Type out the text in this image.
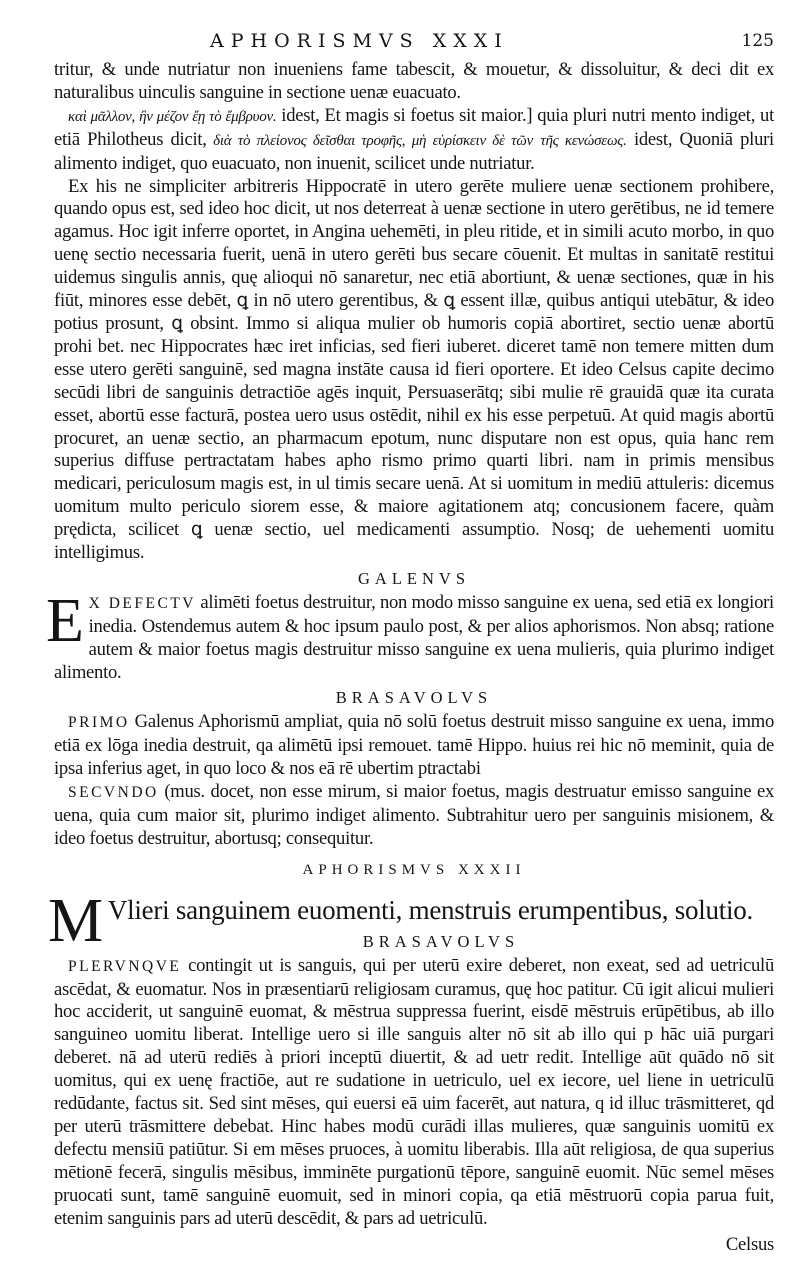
APHORISMVS XXXI	125

tritur, & unde nutriatur non inueniens fame tabescit, & mouetur, & dissoluitur, & deci dit ex naturalibus uinculis sanguine in sectione uenæ euacuato.

καὶ μᾶλλον, ἢν μέζον ἔῃ τὸ ἔμβρυον. idest, Et magis si foetus sit maior.] quia pluri nutri mento indiget, ut etiā Philotheus dicit, διὰ τὸ πλείονος δεῖσθαι τροφῆς, μὴ εὑρίσκειν δὲ τῶν τῆς κενώσεως. idest, Quoniā pluri alimento indiget, quo euacuato, non inuenit, scilicet unde nutriatur.

Ex his ne simpliciter arbitreris Hippocratē in utero gerēte muliere uenæ sectionem prohibere, quando opus est, sed ideo hoc dicit, ut nos deterreat à uenæ sectione in utero gerētibus, ne id temere agamus. Hoc igit inferre oportet, in Angina uehemēti, in pleu ritide, et in simili acuto morbo, in quo uenę sectio necessaria fuerit, uenā in utero gerēti bus secare cōuenit. Et multas in sanitatē restitui uidemus singulis annis, quę alioqui nō sanaretur, nec etiā abortiunt, & uenæ sectiones, quæ in his fiūt, minores esse debēt, ꝗ in nō utero gerentibus, & ꝗ essent illæ, quibus antiqui utebātur, & ideo potius prosunt, ꝗ obsint. Immo si aliqua mulier ob humoris copiā abortiret, sectio uenæ abortū prohi bet. nec Hippocrates hæc iret inficias, sed fieri iuberet. diceret tamē non temere mitten dum esse utero gerēti sanguinē, sed magna instāte causa id fieri oportere. Et ideo Celsus capite decimo secūdi libri de sanguinis detractiōe agēs inquit, Persuaserātq; sibi mulie rē grauidā quæ ita curata esset, abortū esse facturā, postea uero usus ostēdit, nihil ex his esse perpetuū. At quid magis abortū procuret, an uenæ sectio, an pharmacum epotum, nunc disputare non est opus, quia hanc rem superius diffuse pertractatam habes apho rismo primo quarti libri. nam in primis mensibus medicari, periculosum magis est, in ul timis secare uenā. At si uomitum in mediū attuleris: dicemus uomitum multo periculo siorem esse, & maiore agitationem atq; concusionem facere, quàm prędicta, scilicet ꝗ uenæ sectio, uel medicamenti assumptio. Nosq; de uehementi uomitu intelligimus.

GALENVS

E X DEFECTV alimēti foetus destruitur, non modo misso sanguine ex uena, sed etiā ex longiori inedia. Ostendemus autem & hoc ipsum paulo post, & per alios aphorismos. Non absq; ratione autem & maior foetus magis destruitur misso sanguine ex uena mulieris, quia plurimo indiget alimento.

BRASAVOLVS

PRIMO Galenus Aphorismū ampliat, quia nō solū foetus destruit misso sanguine ex uena, immo etiā ex lōga inedia destruit, qa alimētū ipsi remouet. tamē Hippo. huius rei hic nō meminit, quia de ipsa inferius aget, in quo loco & nos eā rē ubertim ptractabi

SECVNDO (mus. docet, non esse mirum, si maior foetus, magis destruatur emisso sanguine ex uena, quia cum maior sit, plurimo indiget alimento. Subtrahitur uero per sanguinis misionem, & ideo foetus destruitur, abortusq; consequitur.

APHORISMVS XXXII

M Vlieri sanguinem euomenti, menstruis erumpentibus, solutio.

BRASAVOLVS

PLERVNQVE contingit ut is sanguis, qui per uterū exire deberet, non exeat, sed ad uetriculū ascēdat, & euomatur. Nos in præsentiarū religiosam curamus, quę hoc patitur. Cū igit alicui mulieri hoc acciderit, ut sanguinē euomat, & mēstrua suppressa fuerint, eisdē mēstruis erūpētibus, ab illo sanguineo uomitu liberat. Intellige uero si ille sanguis alter nō sit ab illo qui p hāc uiā purgari deberet. nā ad uterū rediēs à priori inceptū diuertit, & ad uetr redit. Intellige aūt quādo nō sit uomitus, qui ex uenę fractiōe, aut re sudatione in uetriculo, uel ex iecore, uel liene in uetriculū redūdante, factus sit. Sed sint mēses, qui euersi eā uim facerēt, aut natura, q id illuc trāsmitteret, qd per uterū trāsmittere debebat. Hinc habes modū curādi illas mulieres, quæ sanguinis uomitū ex defectu mensiū patiūtur. Si em mēses pruoces, à uomitu liberabis. Illa aūt religiosa, de qua superius mētionē fecerā, singulis mēsibus, imminēte purgationū tēpore, sanguinē euomit. Nūc semel mēses pruocati sunt, tamē sanguinē euomuit, sed in minori copia, qa etiā mēstruorū copia parua fuit, etenim sanguinis pars ad uterū descēdit, & pars ad uetriculū.

Celsus
